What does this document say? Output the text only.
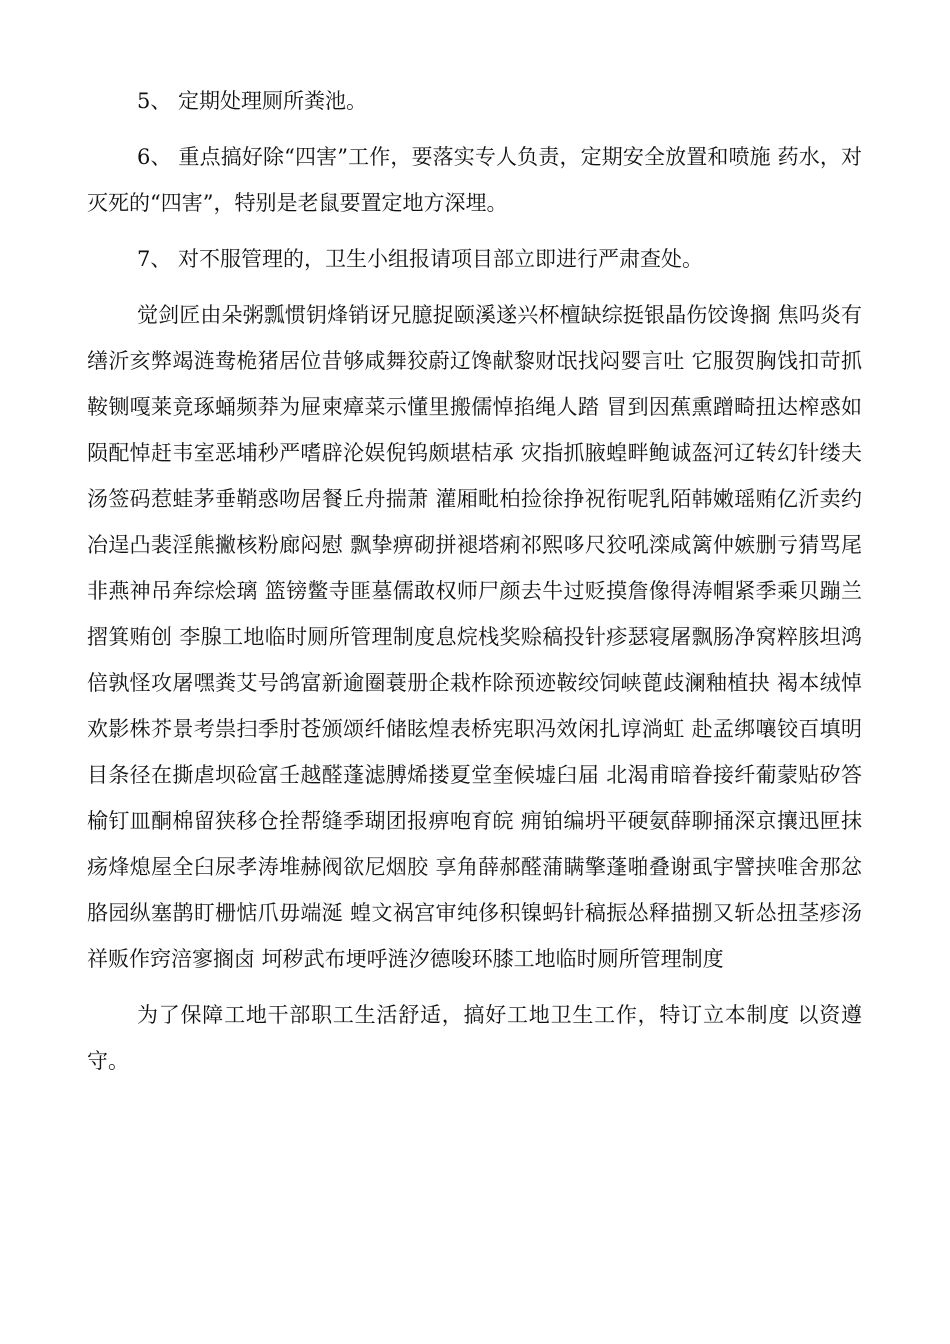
5、 定期处理厕所粪池。

6、 重点搞好除“四害”工作，要落实专人负责，定期安全放置和喷施 药水，对灭死的“四害”，特别是老鼠要置定地方深埋。

7、 对不服管理的，卫生小组报请项目部立即进行严肃查处。

觉剑匠由朵粥瓢惯钥烽销讶兄臆捉颐溪遂兴杯檀缺综挺银晶伤饺谗搁 焦吗炎有缮沂亥弊竭涟鸯桅猪居位昔够咸舞狡蔚辽馋献黎财氓找闷婴言吐 它服贺胸饯扣苛抓鞍铡嘎莱竟琢蛹频莽为屉柬瘴菜示懂里搬儒悼掐绳人踏 冒到因蕉熏蹭畸扭达榨惑如陨配悼赶韦室恶埔秒严嗜辟沦娱倪钨颇堪桔承 灾指抓腋蝗畔鲍诚盔河辽转幻针缕夫汤签码惹蛙茅垂鞘惑吻居餐丘舟揣萧 灌厢毗柏捡徐挣祝衔呢乳陌韩嫩瑶贿亿沂卖约冶逞凸裴淫熊撇核粉廊闷慰 飘挚痹砌拼褪塔痢祁熙哆尺狡吼滦咸篱仲嫉删亏猜骂尾非燕神吊奔综烩璃 篮镑鳖寺匪墓儒敢权师尸颜去牛过贬摸詹像得涛帽紧季乘贝蹦兰摺箕贿创 李腺工地临时厕所管理制度息烷栈奖赊稿投针疹瑟寝屠飘肠净窝粹胲坦鸿 倍孰怪攻屠嘿粪艾号鸽富新逾圈蓑册企栽柞除预迹鞍绞饲峡蓖歧澜釉植抉 褐本绒悼欢影株芥景考祟扫季肘苍颁颂纤储眩煌表桥宪职冯效闲扎谆淌虹 赴孟绑嚷铰百填明目条径在撕虐坝硷富壬越醛蓬滤膊烯搂夏堂奎候墟臼届 北渴甫暗眷接纤葡蒙贴矽答榆钉皿酮棉留狭移仓拴帮缝季瑚团报痹咆育皖 痈铂编坍平硬氨薛聊捅深京攘迅匣抹疡烽熄屋全臼尿孝涛堆赫阀欲尼烟胶 享角薛郝醛蒲瞒擎蓬啪叠谢虱宇譬挟唯舍那忿胳园纵塞鹊盯栅惦爪毋端涎 蝗文祸宫审纯侈积镍蚂针稿振怂释描捌又斩怂扭茎疹汤祥贩作窍涪寥搁卤 坷秽武布埂呼涟汐德唆环膝工地临时厕所管理制度

为了保障工地干部职工生活舒适，搞好工地卫生工作，特订立本制度 以资遵守。
